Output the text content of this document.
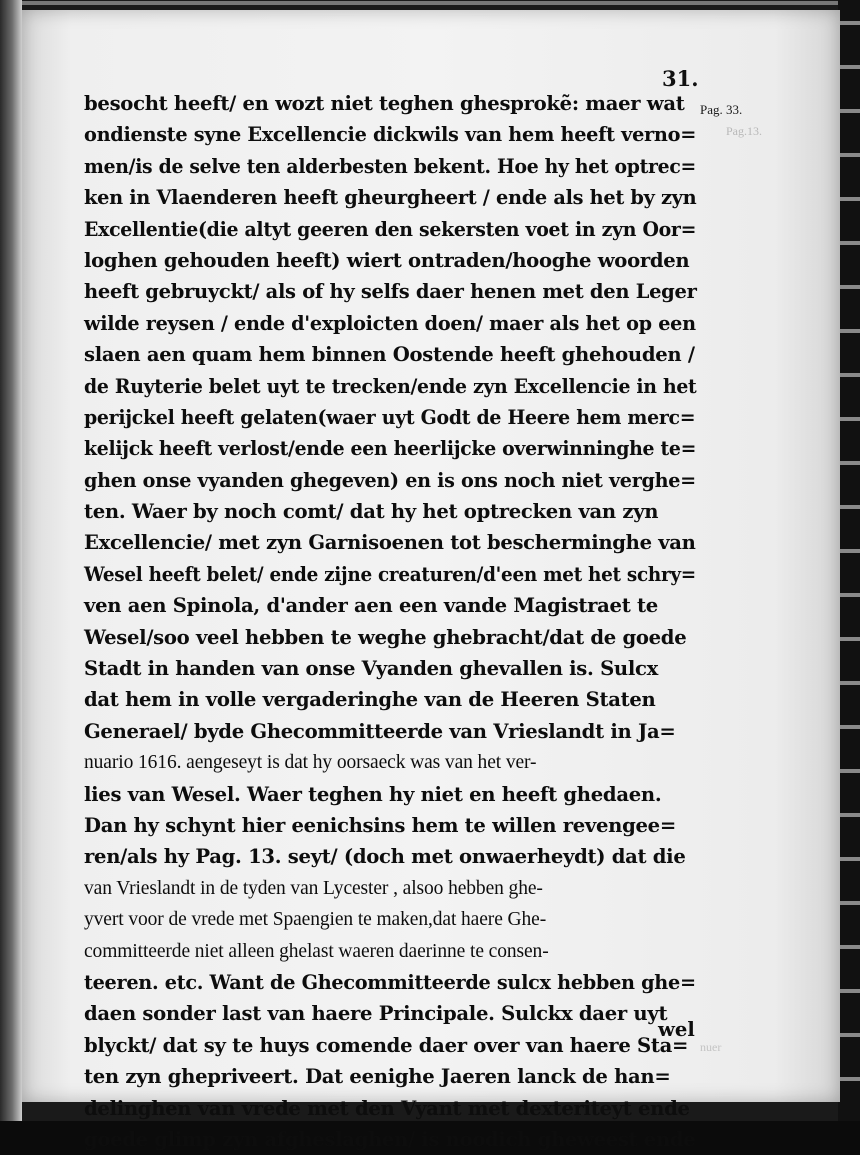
31.
Pag. 33.
Pag.13.
besocht heeft/ en wozt niet teghen ghesprokẽ: maer wat
ondienste syne Excellencie dickwils van hem heeft verno=
men/is de selve ten alderbesten bekent. Hoe hy het optrec=
ken in Vlaenderen heeft gheurgheert / ende als het by zyn
Excellentie(die altyt geeren den sekersten voet in zyn Oor=
loghen gehouden heeft) wiert ontraden/hooghe woorden
heeft gebruyckt/ als of hy selfs daer henen met den Leger
wilde reysen / ende d'exploicten doen/ maer als het op een
slaen aen quam hem binnen Oostende heeft ghehouden /
de Ruyterie belet uyt te trecken/ende zyn Excellencie in het
perijckel heeft gelaten(waer uyt Godt de Heere hem merc=
kelijck heeft verlost/ende een heerlijcke overwinninghe te=
ghen onse vyanden ghegeven) en is ons noch niet verghe=
ten. Waer by noch comt/ dat hy het optrecken van zyn
Excellencie/ met zyn Garnisoenen tot bescherminghe van
Wesel heeft belet/ ende zijne creaturen/d'een met het schry=
ven aen Spinola, d'ander aen een vande Magistraet te
Wesel/soo veel hebben te weghe ghebracht/dat de goede
Stadt in handen van onse Vyanden ghevallen is. Sulcx
dat hem in volle vergaderinghe van de Heeren Staten
Generael/ byde Ghecommitteerde van Vrieslandt in Ja=
nuario 1616. aengeseyt is dat hy oorsaeck was van het ver-
lies van Wesel. Waer teghen hy niet en heeft ghedaen.
Dan hy schynt hier eenichsins hem te willen revengee=
ren/als hy Pag. 13. seyt/ (doch met onwaerheydt) dat die
van Vrieslandt in de tyden van Lycester , alsoo hebben ghe-
yvert voor de vrede met Spaengien te maken,dat haere Ghe-
committeerde niet alleen ghelast waeren daerinne te consen-
teeren. etc. Want de Ghecommitteerde sulcx hebben ghe=
daen sonder last van haere Principale. Sulckx daer uyt
blyckt/ dat sy te huys comende daer over van haere Sta=
ten zyn ghepriveert. Dat eenighe Jaeren lanck de han=
delinghen van vrede met den Vyant met dexteriteyt ende
goede glimp zyn afgheslaghen/ is noodich gheweest ende
wel
nuer
